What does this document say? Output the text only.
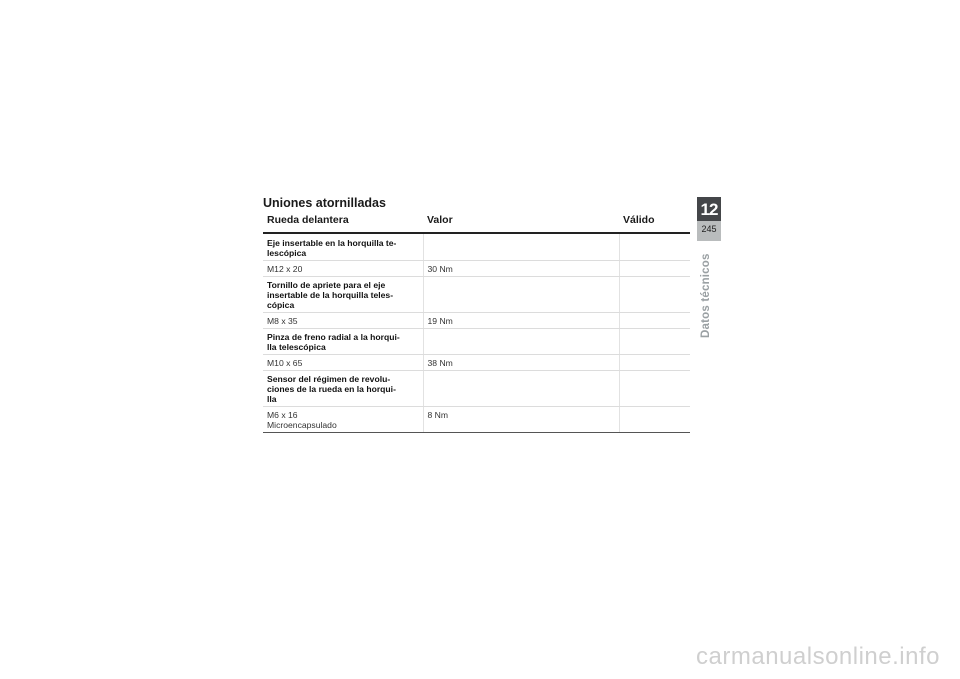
Uniones atornilladas
Rueda delantera	Valor	Válido
Eje insertable en la horquilla te-
lescópica		
M12 x 20	30 Nm	
Tornillo de apriete para el eje
insertable de la horquilla teles-
cópica		
M8 x 35	19 Nm	
Pinza de freno radial a la horqui-
lla telescópica		
M10 x 65	38 Nm	
Sensor del régimen de revolu-
ciones de la rueda en la horqui-
lla		
M6 x 16
Microencapsulado	8 Nm	
12
245
Datos técnicos
carmanualsonline.info
